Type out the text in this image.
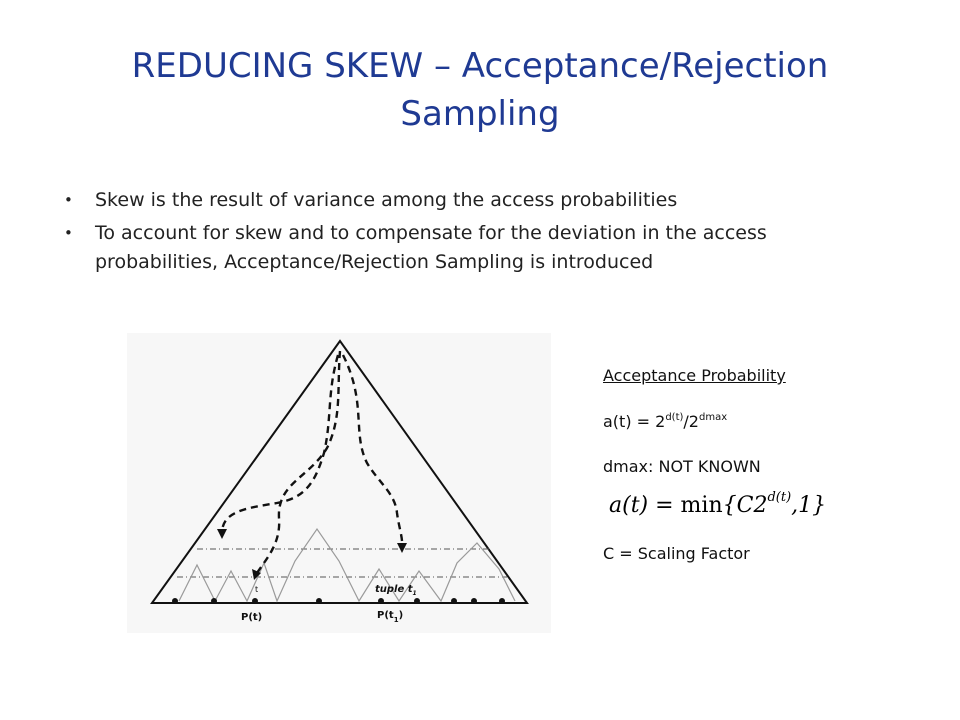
REDUCING SKEW – Acceptance/Rejection
Sampling
• Skew is the result of variance among the access probabilities
• To account for skew and to compensate for the deviation in the access
probabilities, Acceptance/Rejection Sampling is introduced
t	tuple $t_1$
P(t)	$P(t_1)$
Acceptance Probability
$a(t) = 2^{d(t)}/2^{dmax}$
dmax: NOT KNOWN
$a(t) = \min\{C2^{d(t)},1\}$
C = Scaling Factor
